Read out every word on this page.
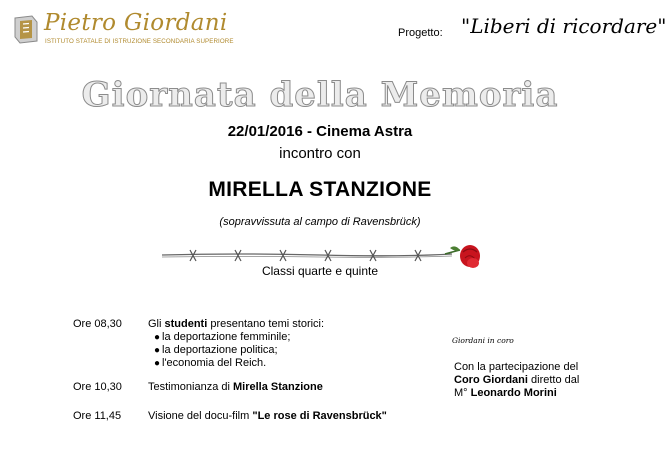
Pietro Giordani
ISTITUTO STATALE DI ISTRUZIONE SECONDARIA SUPERIORE
Progetto: "Liberi di ricordare"
Giornata della Memoria
22/01/2016 - Cinema Astra
incontro con
MIRELLA STANZIONE
(sopravvissuta al campo di Ravensbrück)
Classi quarte e quinte
Ore 08,30 Gli studenti presentano temi storici:
● la deportazione femminile;
● la deportazione politica;
● l'economia del Reich.
Ore 10,30 Testimonianza di Mirella Stanzione
Ore 11,45 Visione del docu-film "Le rose di Ravensbrück"
Giordani in coro
Con la partecipazione del
Coro Giordani diretto dal
M° Leonardo Morini
